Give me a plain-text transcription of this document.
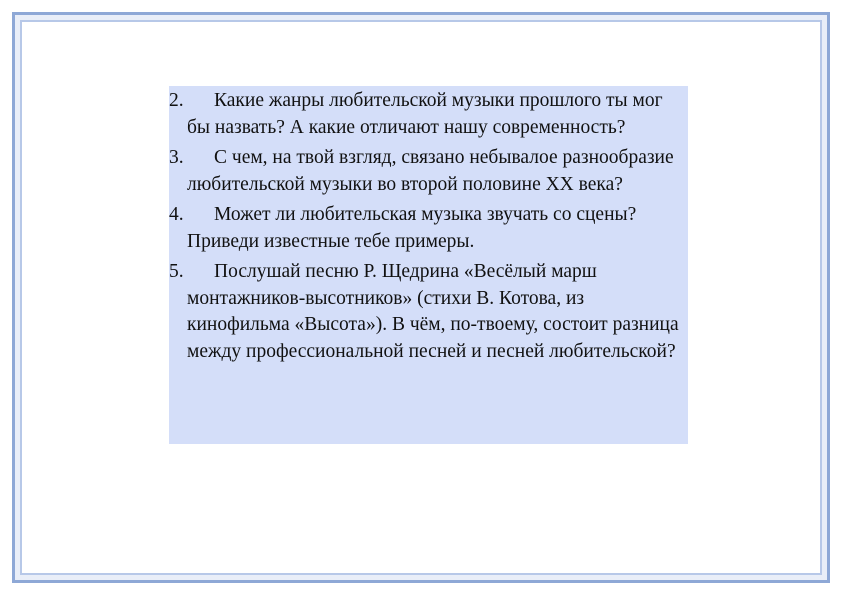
2.	Какие жанры любительской музыки прошлого ты мог бы назвать? А какие отличают нашу современность?
3.	С чем, на твой взгляд, связано небывалое разнообразие любительской музыки во второй половине XX века?
4.	Может ли любительская музыка звучать со сцены? Приведи известные тебе примеры.
5.	Послушай песню Р. Щедрина «Весёлый марш монтажников-высотников» (стихи В. Котова, из кинофильма «Высота»). В чём, по-твоему, состоит разница между профессиональной песней и песней любительской?
